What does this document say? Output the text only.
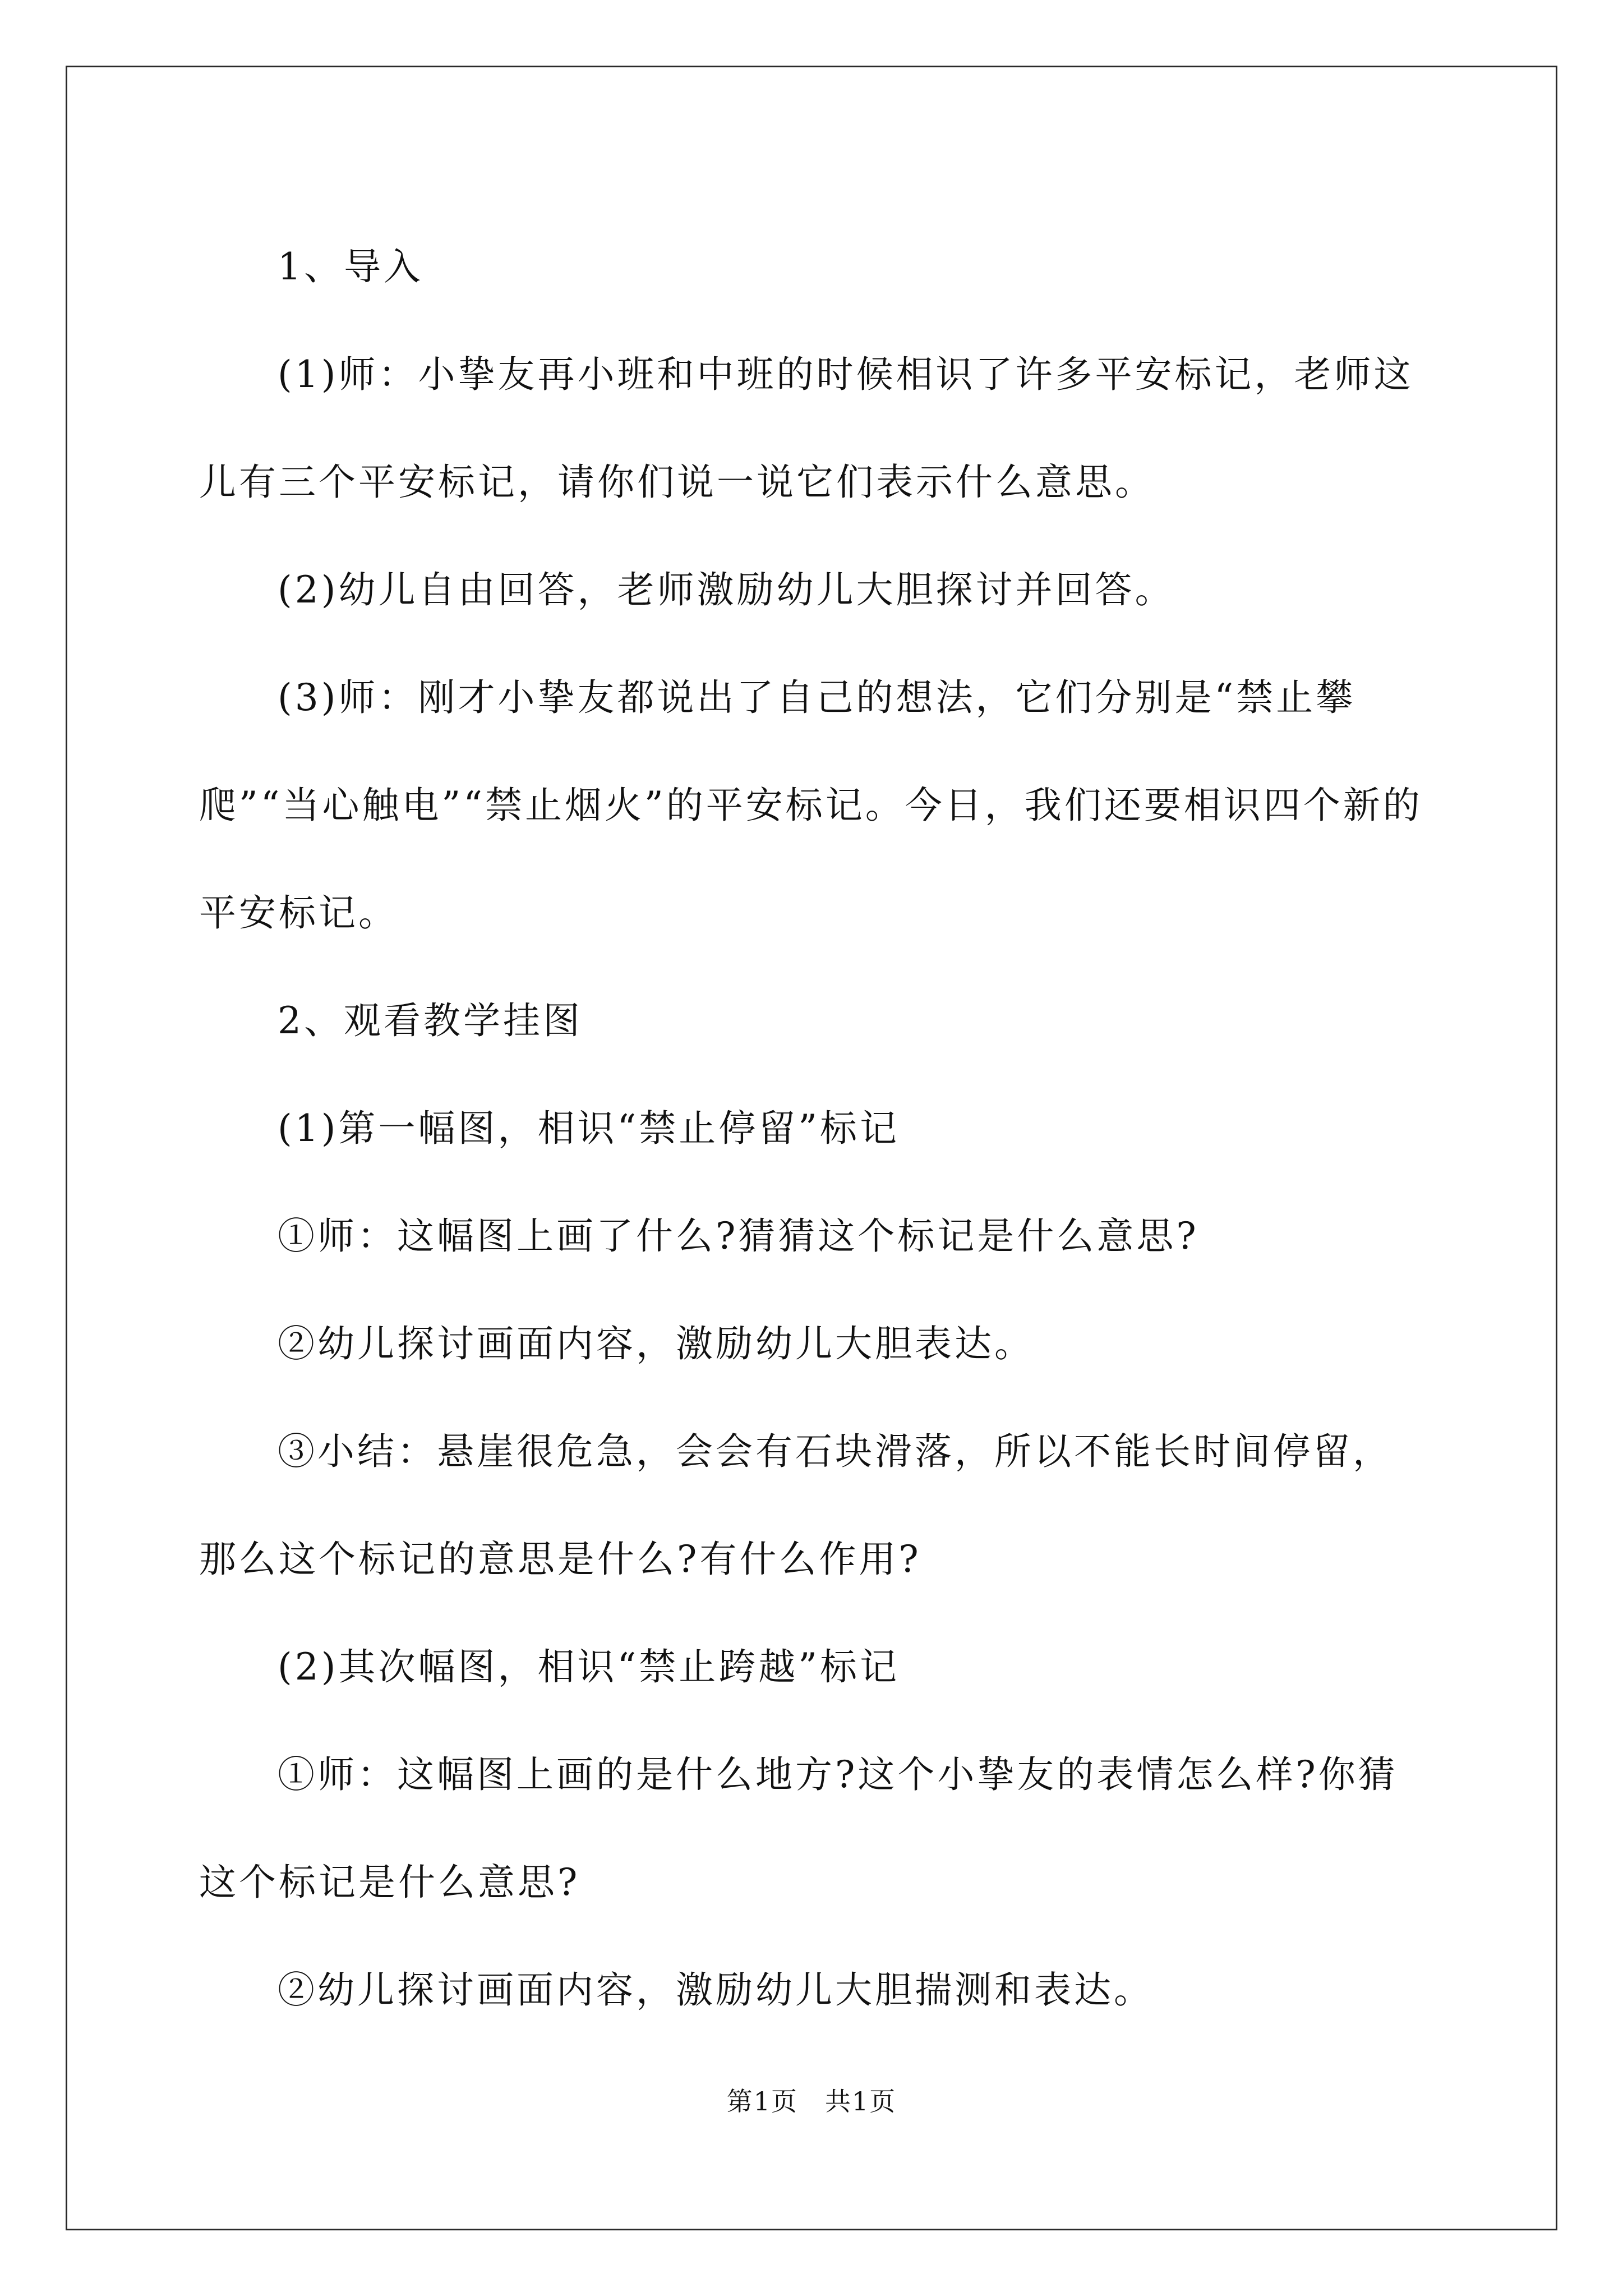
1、导入

(1)师：小挚友再小班和中班的时候相识了许多平安标记，老师这儿有三个平安标记，请你们说一说它们表示什么意思。

(2)幼儿自由回答，老师激励幼儿大胆探讨并回答。

(3)师：刚才小挚友都说出了自己的想法，它们分别是“禁止攀爬”“当心触电”“禁止烟火”的平安标记。今日，我们还要相识四个新的平安标记。

2、观看教学挂图

(1)第一幅图，相识“禁止停留”标记

①师：这幅图上画了什么?猜猜这个标记是什么意思?

②幼儿探讨画面内容，激励幼儿大胆表达。

③小结：悬崖很危急，会会有石块滑落，所以不能长时间停留，那么这个标记的意思是什么?有什么作用?

(2)其次幅图，相识“禁止跨越”标记

①师：这幅图上画的是什么地方?这个小挚友的表情怎么样?你猜这个标记是什么意思?

②幼儿探讨画面内容，激励幼儿大胆揣测和表达。

第1页　共1页
